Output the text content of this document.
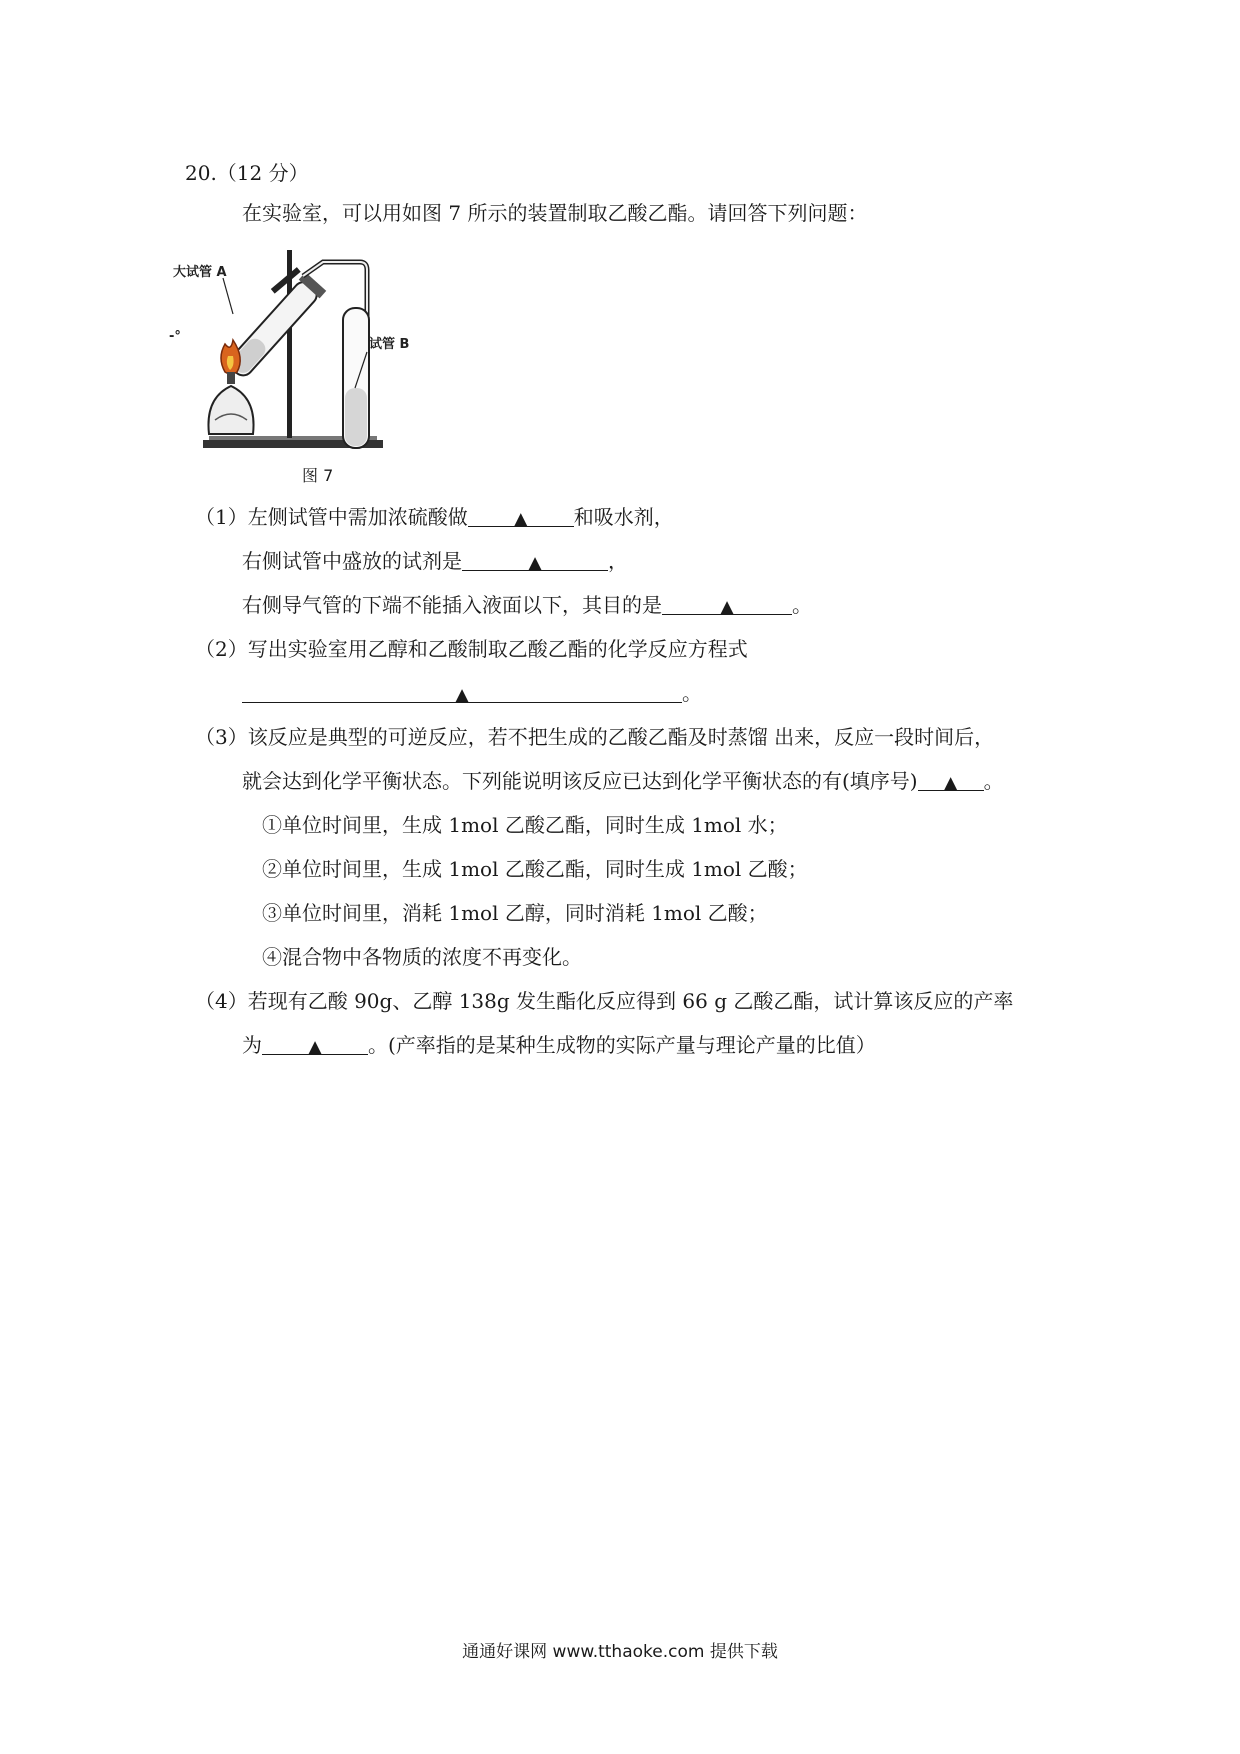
20.（12 分）
在实验室，可以用如图 7 所示的装置制取乙酸乙酯。请回答下列问题：
大试管 A
试管 B
-°
图 7
（1）左侧试管中需加浓硫酸做	▲ 和吸水剂，
右侧试管中盛放的试剂是	▲	，
右侧导气管的下端不能插入液面以下，其目的是	▲	。
（2）写出实验室用乙醇和乙酸制取乙酸乙酯的化学反应方程式
▲	。
（3）该反应是典型的可逆反应，若不把生成的乙酸乙酯及时蒸馏 出来，反应一段时间后，
就会达到化学平衡状态。下列能说明该反应已达到化学平衡状态的有(填序号) ▲ 。
①单位时间里，生成 1mol 乙酸乙酯，同时生成 1mol 水；
②单位时间里，生成 1mol 乙酸乙酯，同时生成 1mol 乙酸；
③单位时间里，消耗 1mol 乙醇，同时消耗 1mol 乙酸；
④混合物中各物质的浓度不再变化。
（4）若现有乙酸 90g、乙醇 138g 发生酯化反应得到 66 g 乙酸乙酯，试计算该反应的产率
为	▲ 。(产率指的是某种生成物的实际产量与理论产量的比值）
通通好课网 www.tthaoke.com 提供下载
